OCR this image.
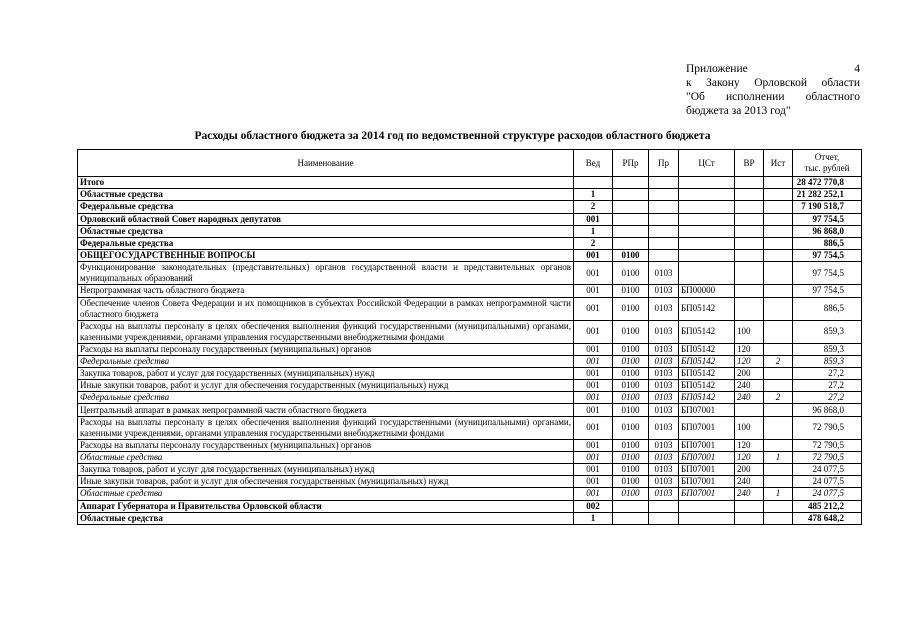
Приложение 4
к Закону Орловской области
"Об исполнении областного
бюджета за 2013 год"
Расходы областного бюджета за 2014 год по ведомственной структуре расходов областного бюджета
Наименование	Вед	РПр	Пр	ЦСт	ВР	Ист	Отчет,
тыс. рублей
Итого							28 472 770,8
Областные средства	1						21 282 252,1
Федеральные средства	2						7 190 518,7
Орловский областной Совет народных депутатов	001						97 754,5
Областные средства	1						96 868,0
Федеральные средства	2						886,5
ОБЩЕГОСУДАРСТВЕННЫЕ ВОПРОСЫ	001	0100					97 754,5
Функционирование законодательных (представительных) органов государственной власти и представительных органов муниципальных образований	001	0100	0103				97 754,5
Непрограммная часть областного бюджета	001	0100	0103	БП00000			97 754,5
Обеспечение членов Совета Федерации и их помощников в субъектах Российской Федерации в рамках непрограммной части областного бюджета	001	0100	0103	БП05142			886,5
Расходы на выплаты персоналу в целях обеспечения выполнения функций государственными (муниципальными) органами, казенными учреждениями, органами управления государственными внебюджетными фондами	001	0100	0103	БП05142	100		859,3
Расходы на выплаты персоналу государственных (муниципальных) органов	001	0100	0103	БП05142	120		859,3
Федеральные средства	001	0100	0103	БП05142	120	2	859,3
Закупка товаров, работ и услуг для государственных (муниципальных) нужд	001	0100	0103	БП05142	200		27,2
Иные закупки товаров, работ и услуг для обеспечения государственных (муниципальных) нужд	001	0100	0103	БП05142	240		27,2
Федеральные средства	001	0100	0103	БП05142	240	2	27,2
Центральный аппарат в рамках непрограммной части областного бюджета	001	0100	0103	БП07001			96 868,0
Расходы на выплаты персоналу в целях обеспечения выполнения функций государственными (муниципальными) органами, казенными учреждениями, органами управления государственными внебюджетными фондами	001	0100	0103	БП07001	100		72 790,5
Расходы на выплаты персоналу государственных (муниципальных) органов	001	0100	0103	БП07001	120		72 790,5
Областные средства	001	0100	0103	БП07001	120	1	72 790,5
Закупка товаров, работ и услуг для государственных (муниципальных) нужд	001	0100	0103	БП07001	200		24 077,5
Иные закупки товаров, работ и услуг для обеспечения государственных (муниципальных) нужд	001	0100	0103	БП07001	240		24 077,5
Областные средства	001	0100	0103	БП07001	240	1	24 077,5
Аппарат Губернатора и Правительства Орловской области	002						485 212,2
Областные средства	1						478 648,2
